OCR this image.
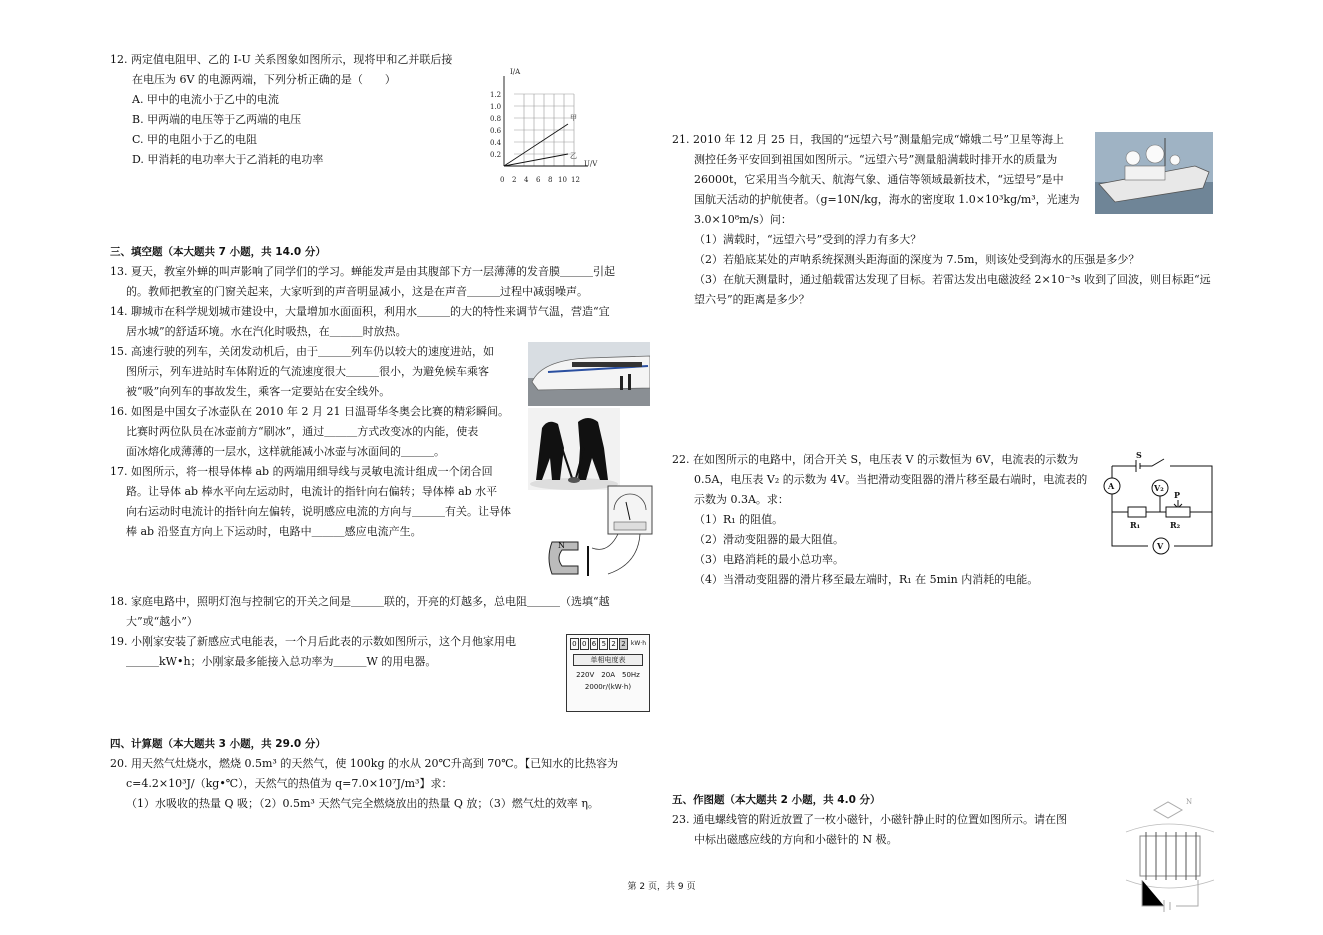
12. 两定值电阻甲、乙的 I-U 关系图象如图所示，现将甲和乙并联后接
在电压为 6V 的电源两端，下列分析正确的是（　　）
A. 甲中的电流小于乙中的电流
B. 甲两端的电压等于乙两端的电压
C. 甲的电阻小于乙的电阻
D. 甲消耗的电功率大于乙消耗的电功率
I/A
U/V
1.2
1.0
0.8
0.6
0.4
0.2
0 2 4 6 8 10 12
甲
乙
三、填空题（本大题共 7 小题，共 14.0 分）
13. 夏天，教室外蝉的叫声影响了同学们的学习。蝉能发声是由其腹部下方一层薄薄的发音膜＿＿＿引起
的。教师把教室的门窗关起来，大家听到的声音明显减小，这是在声音＿＿＿过程中减弱噪声。
14. 聊城市在科学规划城市建设中，大量增加水面面积，利用水＿＿＿的大的特性来调节气温，营造“宜
居水城”的舒适环境。水在汽化时吸热，在＿＿＿时放热。
15. 高速行驶的列车，关闭发动机后，由于＿＿＿列车仍以较大的速度进站，如
图所示，列车进站时车体附近的气流速度很大＿＿＿很小，为避免候车乘客
被“吸”向列车的事故发生，乘客一定要站在安全线外。
16. 如图是中国女子冰壶队在 2010 年 2 月 21 日温哥华冬奥会比赛的精彩瞬间。
比赛时两位队员在冰壶前方“刷冰”，通过＿＿＿方式改变冰的内能，使表
面冰熔化成薄薄的一层水，这样就能减小冰壶与冰面间的＿＿＿。
17. 如图所示，将一根导体棒 ab 的两端用细导线与灵敏电流计组成一个闭合回
路。让导体 ab 棒水平向左运动时，电流计的指针向右偏转；导体棒 ab 水平
向右运动时电流计的指针向左偏转，说明感应电流的方向与＿＿＿有关。让导体
棒 ab 沿竖直方向上下运动时，电路中＿＿＿感应电流产生。
N
18. 家庭电路中，照明灯泡与控制它的开关之间是＿＿＿联的，开亮的灯越多，总电阻＿＿＿（选填“越
大”或“越小”）
19. 小刚家安装了新感应式电能表，一个月后此表的示数如图所示，这个月他家用电
＿＿＿kW•h；小刚家最多能接入总功率为＿＿＿W 的用电器。
0 0 6 5 2 2 kW·h
单相电度表
220V　20A　50Hz
2000r/(kW·h)
四、计算题（本大题共 3 小题，共 29.0 分）
20. 用天然气灶烧水，燃烧 0.5m³ 的天然气，使 100kg 的水从 20℃升高到 70℃。【已知水的比热容为
c=4.2×10³J/（kg•℃），天然气的热值为 q=7.0×10⁷J/m³】求：
（1）水吸收的热量 Q 吸；（2）0.5m³ 天然气完全燃烧放出的热量 Q 放；（3）燃气灶的效率 η。
21. 2010 年 12 月 25 日，我国的“远望六号”测量船完成“嫦娥二号”卫星等海上
测控任务平安回到祖国如图所示。“远望六号”测量船满载时排开水的质量为
26000t，它采用当今航天、航海气象、通信等领域最新技术，“远望号”是中
国航天活动的护航使者。（g=10N/kg，海水的密度取 1.0×10³kg/m³，光速为
3.0×10⁸m/s）问：
（1）满载时，“远望六号”受到的浮力有多大？
（2）若船底某处的声呐系统探测头距海面的深度为 7.5m，则该处受到海水的压强是多少？
（3）在航天测量时，通过船载雷达发现了目标。若雷达发出电磁波经 2×10⁻³s 收到了回波，则目标距“远
望六号”的距离是多少？
22. 在如图所示的电路中，闭合开关 S，电压表 V 的示数恒为 6V，电流表的示数为
0.5A，电压表 V₂ 的示数为 4V。当把滑动变阻器的滑片移至最右端时，电流表的
示数为 0.3A。求：
（1）R₁ 的阻值。
（2）滑动变阻器的最大阻值。
（3）电路消耗的最小总功率。
（4）当滑动变阻器的滑片移至最左端时，R₁ 在 5min 内消耗的电能。
S
A	V₂
P
R₁	R₂
V
五、作图题（本大题共 2 小题，共 4.0 分）
23. 通电螺线管的附近放置了一枚小磁针，小磁针静止时的位置如图所示。请在图
中标出磁感应线的方向和小磁针的 N 极。
N
第 2 页，共 9 页
